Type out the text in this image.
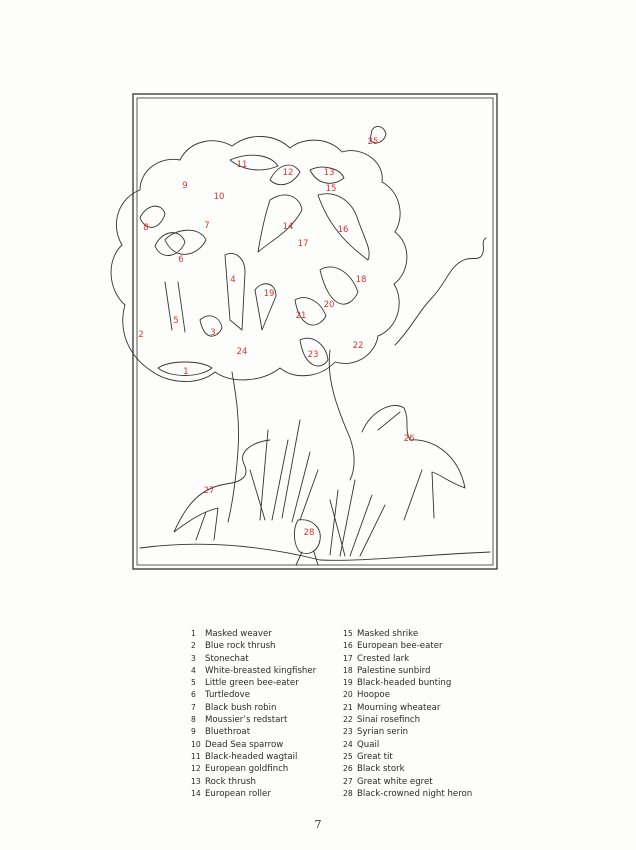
1
2	3
4
5
6
7
8
9
10
11
12	13
14
15
16
17
18
19
20
21
22
23
24
25
26
27
28
1	Masked weaver
2	Blue rock thrush
3	Stonechat
4	White-breasted kingfisher
5	Little green bee-eater
6	Turtledove
7	Black bush robin
8	Moussier’s redstart
9	Bluethroat
10 Dead Sea sparrow
11 Black-headed wagtail
12 European goldfinch
13 Rock thrush
14 European roller
15 Masked shrike
16 European bee-eater
17 Crested lark
18 Palestine sunbird
19 Black-headed bunting
20 Hoopoe
21 Mourning wheatear
22 Sinai rosefinch
23 Syrian serin
24 Quail
25 Great tit
26 Black stork
27 Great white egret
28 Black-crowned night heron
7
